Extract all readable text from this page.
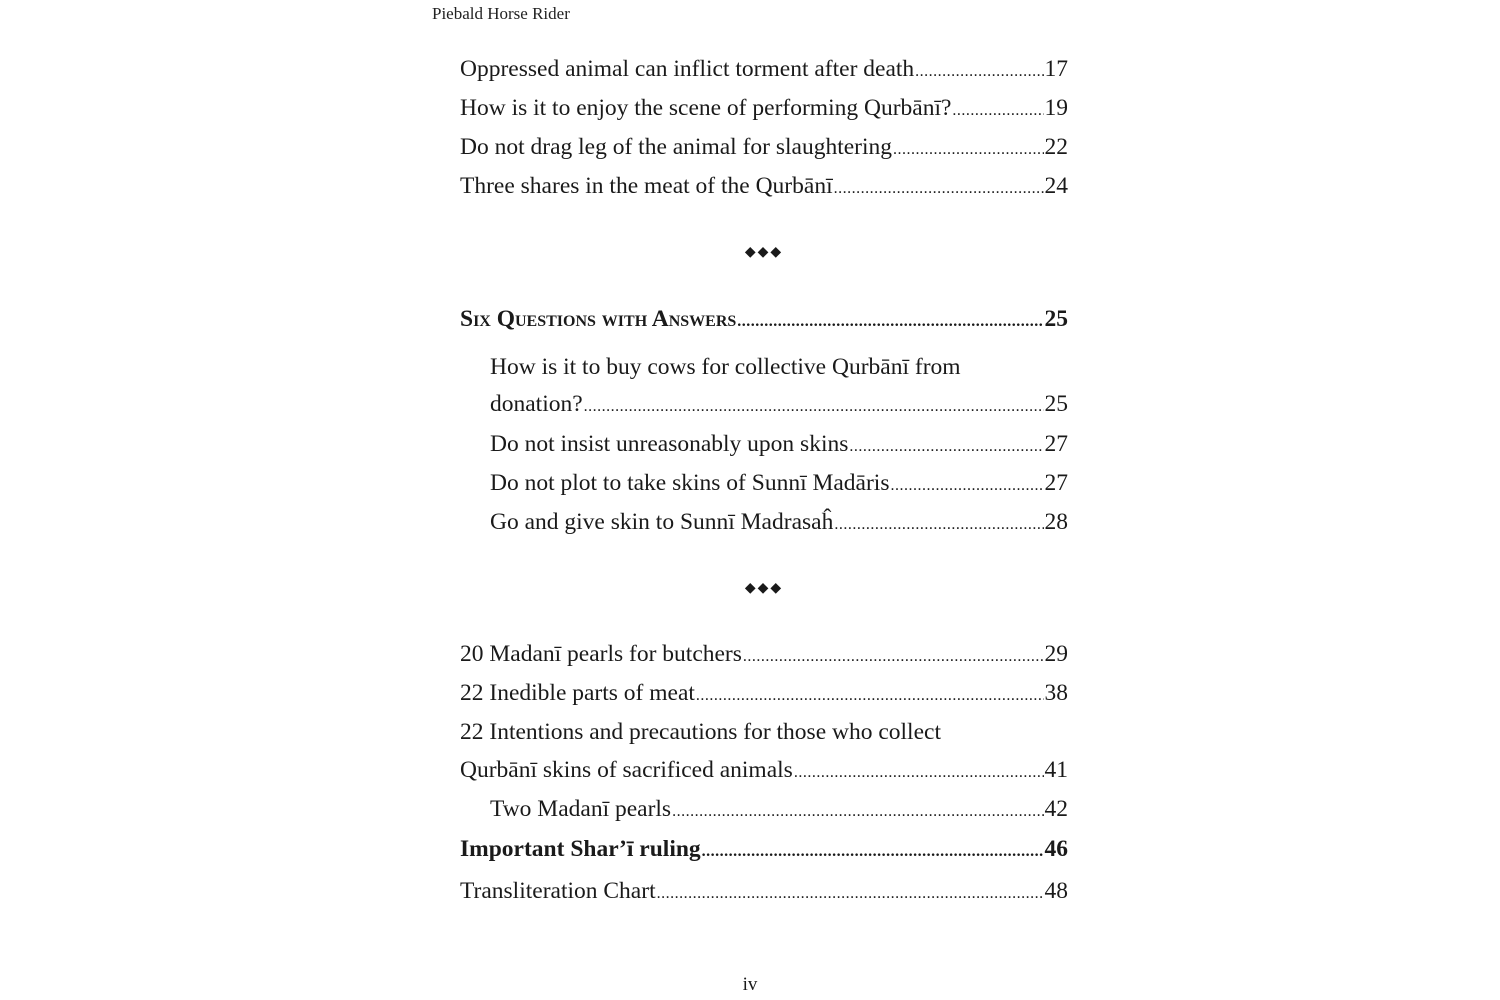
Piebald Horse Rider
Oppressed animal can inflict torment after death .....	17
How is it to enjoy the scene of performing Qurbānī? .....	19
Do not drag leg of the animal for slaughtering .....	22
Three shares in the meat of the Qurbānī .....	24
◆◆◆
Six Questions with Answers .....	25
How is it to buy cows for collective Qurbānī from
donation? .....	25
Do not insist unreasonably upon skins .....	27
Do not plot to take skins of Sunnī Madāris .....	27
Go and give skin to Sunnī Madrasaĥ .....	28
◆◆◆
20 Madanī pearls for butchers .....	29
22 Inedible parts of meat .....	38
22 Intentions and precautions for those who collect
Qurbānī skins of sacrificed animals .....	41
Two Madanī pearls .....	42
Important Shar’ī ruling .....	46
Transliteration Chart .....	48
iv
